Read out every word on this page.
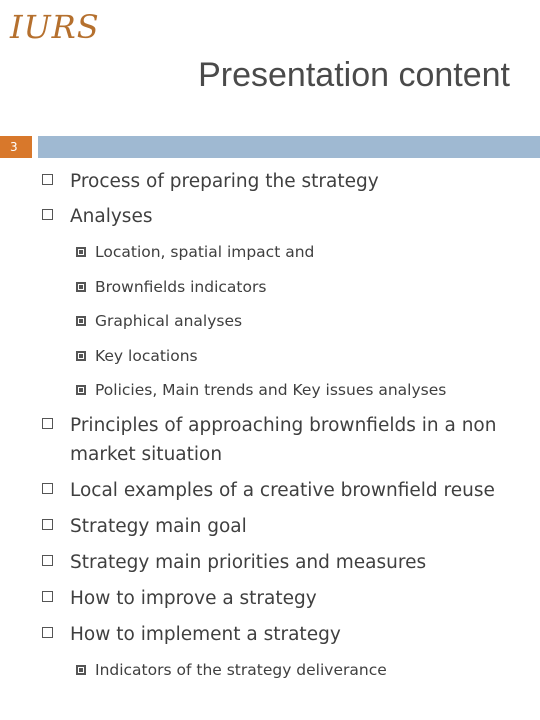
IURS
Presentation content
3
Process of preparing the strategy
Analyses
Location, spatial impact and
Brownfields indicators
Graphical analyses
Key locations
Policies, Main trends and Key issues analyses
Principles of approaching brownfields in a non market situation
Local examples of a creative brownfield reuse
Strategy main goal
Strategy main priorities and measures
How to improve a strategy
How to implement a strategy
Indicators of the strategy deliverance
